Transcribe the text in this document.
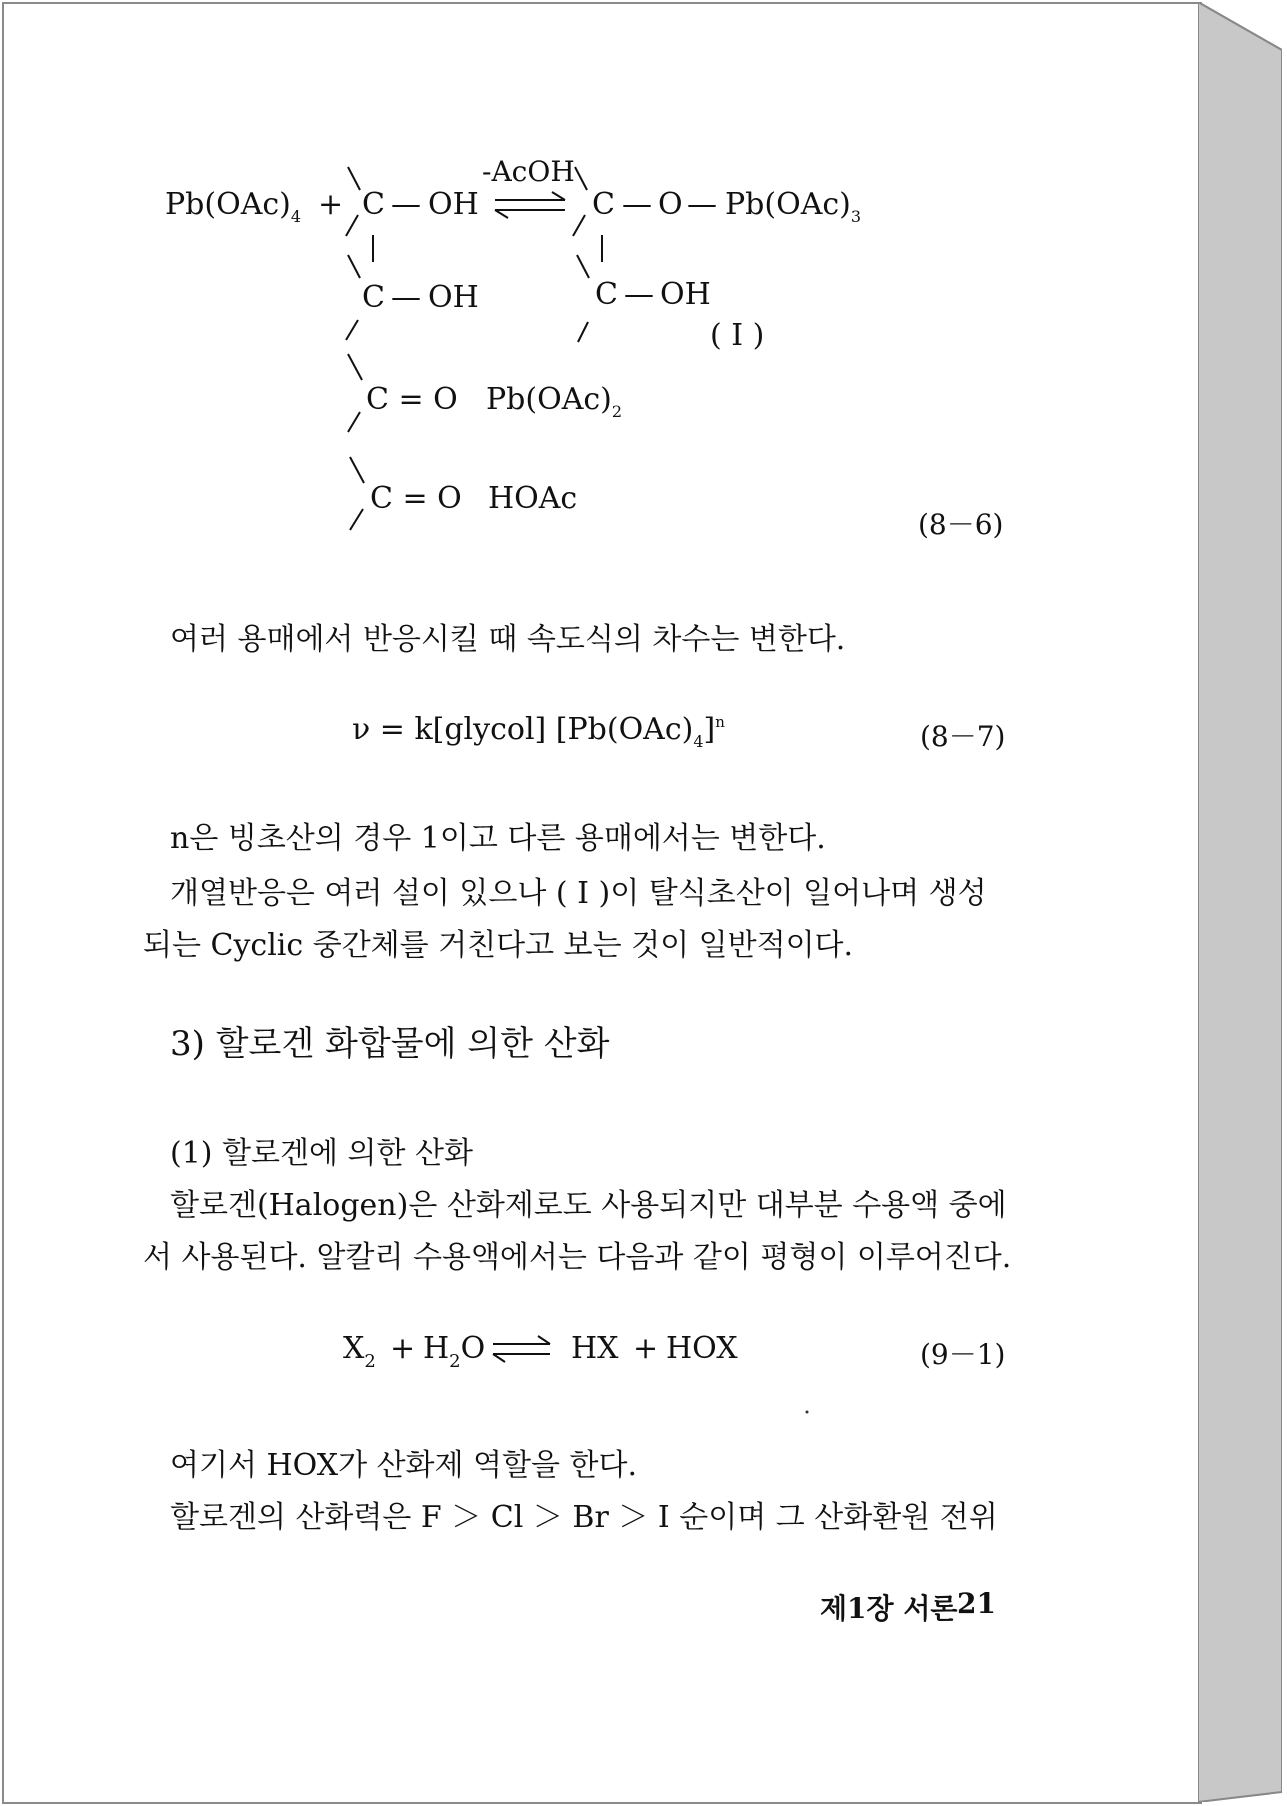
$Pb(OAc)_4 + C$ — OH
-AcOH
C — O — $Pb(OAc)_3$
C — OH	C — OH
( I )
C = O $Pb(OAc)_2$
C = O HOAc
(8－6)
여러 용매에서 반응시킬 때 속도식의 차수는 변한다.
ν = k[glycol] $[Pb(OAc)_4]^n$	(8－7)
n은 빙초산의 경우 1이고 다른 용매에서는 변한다.
개열반응은 여러 설이 있으나 ( I )이 탈식초산이 일어나며 생성
되는 Cyclic 중간체를 거친다고 보는 것이 일반적이다.
3) 할로겐 화합물에 의한 산화
(1) 할로겐에 의한 산화
할로겐(Halogen)은 산화제로도 사용되지만 대부분 수용액 중에
서 사용된다. 알칼리 수용액에서는 다음과 같이 평형이 이루어진다.
$X_2 + H_2O$	HX + HOX	(9－1)
여기서 HOX가 산화제 역할을 한다.
할로겐의 산화력은 F ＞ Cl ＞ Br ＞ I 순이며 그 산화환원 전위
제1장 서론 21
